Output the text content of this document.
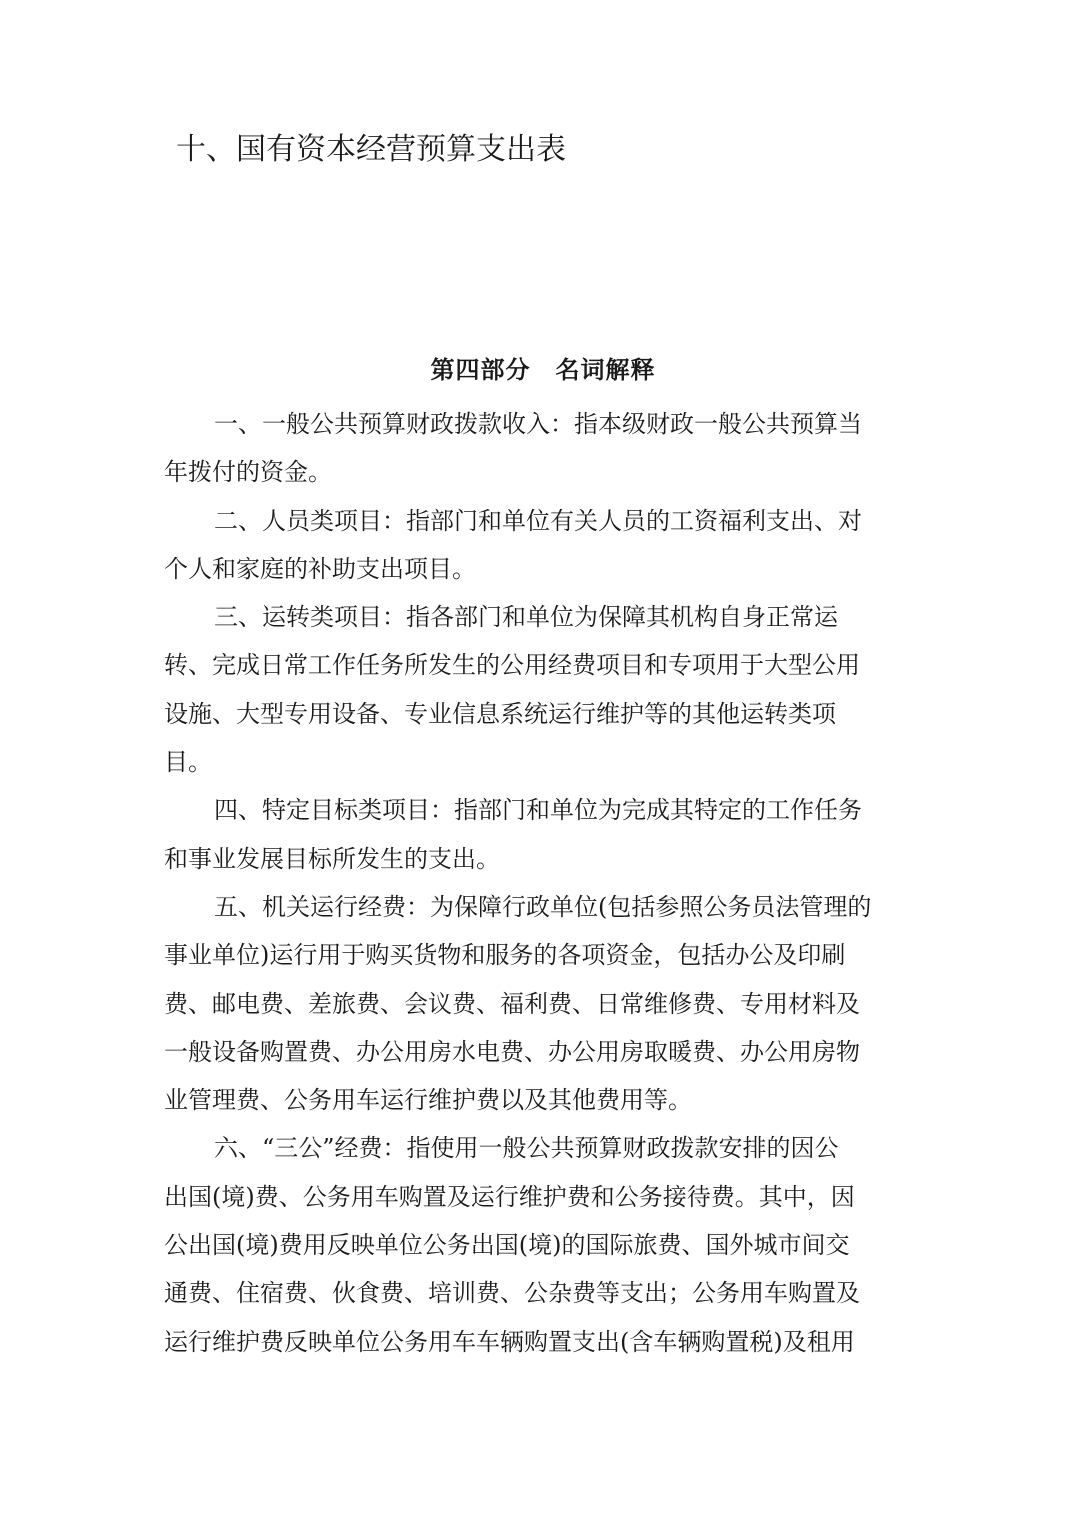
十、国有资本经营预算支出表
第四部分　名词解释

一、一般公共预算财政拨款收入：指本级财政一般公共预算当
年拨付的资金。

二、人员类项目：指部门和单位有关人员的工资福利支出、对
个人和家庭的补助支出项目。

三、运转类项目：指各部门和单位为保障其机构自身正常运
转、完成日常工作任务所发生的公用经费项目和专项用于大型公用
设施、大型专用设备、专业信息系统运行维护等的其他运转类项
目。

四、特定目标类项目：指部门和单位为完成其特定的工作任务
和事业发展目标所发生的支出。

五、机关运行经费：为保障行政单位(包括参照公务员法管理的
事业单位)运行用于购买货物和服务的各项资金，包括办公及印刷
费、邮电费、差旅费、会议费、福利费、日常维修费、专用材料及
一般设备购置费、办公用房水电费、办公用房取暖费、办公用房物
业管理费、公务用车运行维护费以及其他费用等。

六、“三公”经费：指使用一般公共预算财政拨款安排的因公
出国(境)费、公务用车购置及运行维护费和公务接待费。其中，因
公出国(境)费用反映单位公务出国(境)的国际旅费、国外城市间交
通费、住宿费、伙食费、培训费、公杂费等支出；公务用车购置及
运行维护费反映单位公务用车车辆购置支出(含车辆购置税)及租用
